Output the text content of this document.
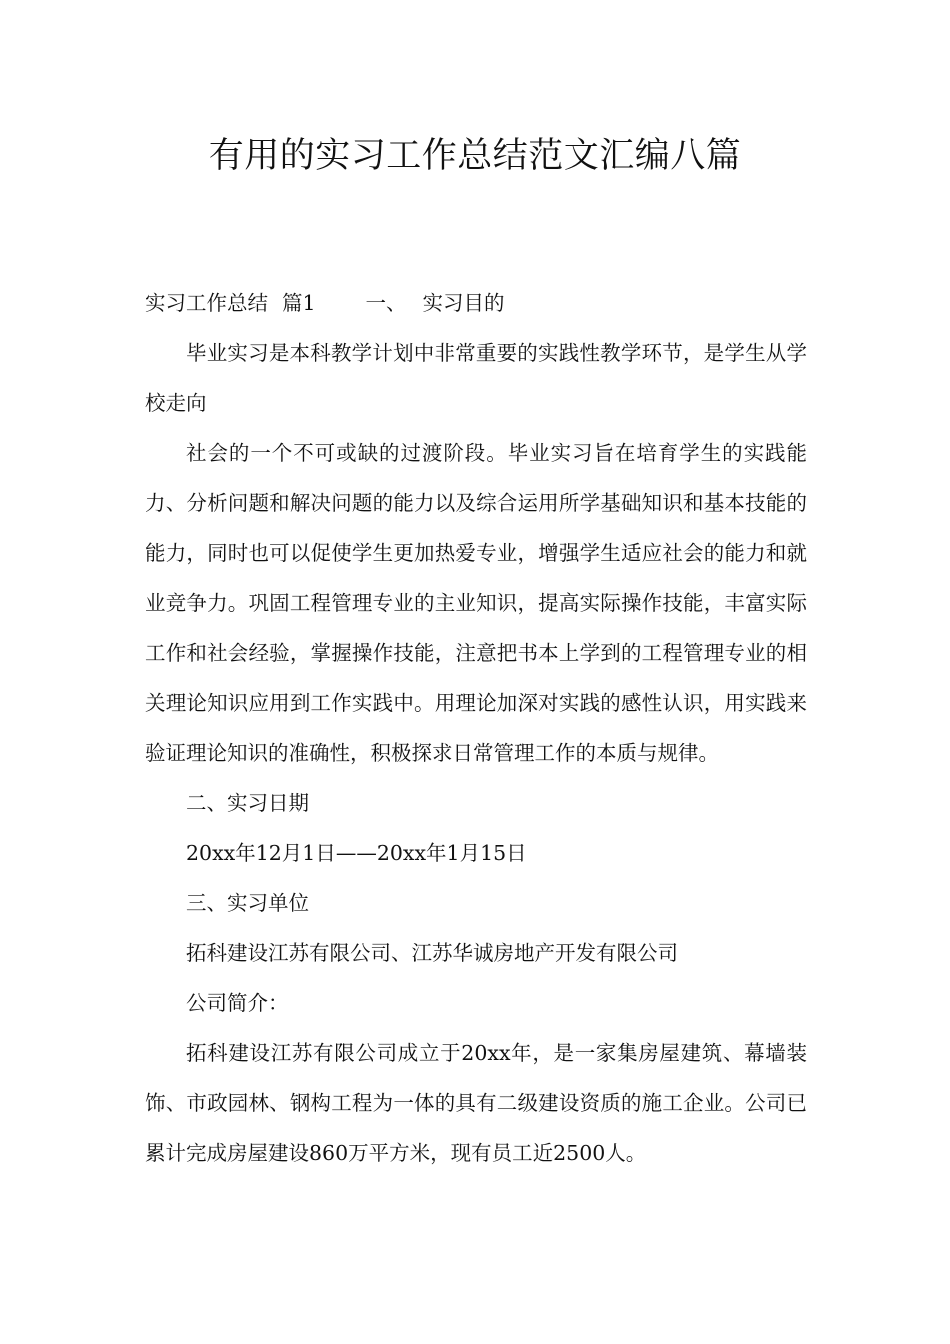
有用的实习工作总结范文汇编八篇
实习工作总结 篇1 一、 实习目的

毕业实习是本科教学计划中非常重要的实践性教学环节，是学生从学校走向

社会的一个不可或缺的过渡阶段。毕业实习旨在培育学生的实践能力、分析问题和解决问题的能力以及综合运用所学基础知识和基本技能的能力，同时也可以促使学生更加热爱专业，增强学生适应社会的能力和就业竞争力。巩固工程管理专业的主业知识，提高实际操作技能，丰富实际工作和社会经验，掌握操作技能，注意把书本上学到的工程管理专业的相关理论知识应用到工作实践中。用理论加深对实践的感性认识，用实践来验证理论知识的准确性，积极探求日常管理工作的本质与规律。

二、实习日期

20xx年12月1日——20xx年1月15日

三、实习单位

拓科建设江苏有限公司、江苏华诚房地产开发有限公司

公司简介：

拓科建设江苏有限公司成立于20xx年，是一家集房屋建筑、幕墙装饰、市政园林、钢构工程为一体的具有二级建设资质的施工企业。公司已累计完成房屋建设860万平方米，现有员工近2500人。
